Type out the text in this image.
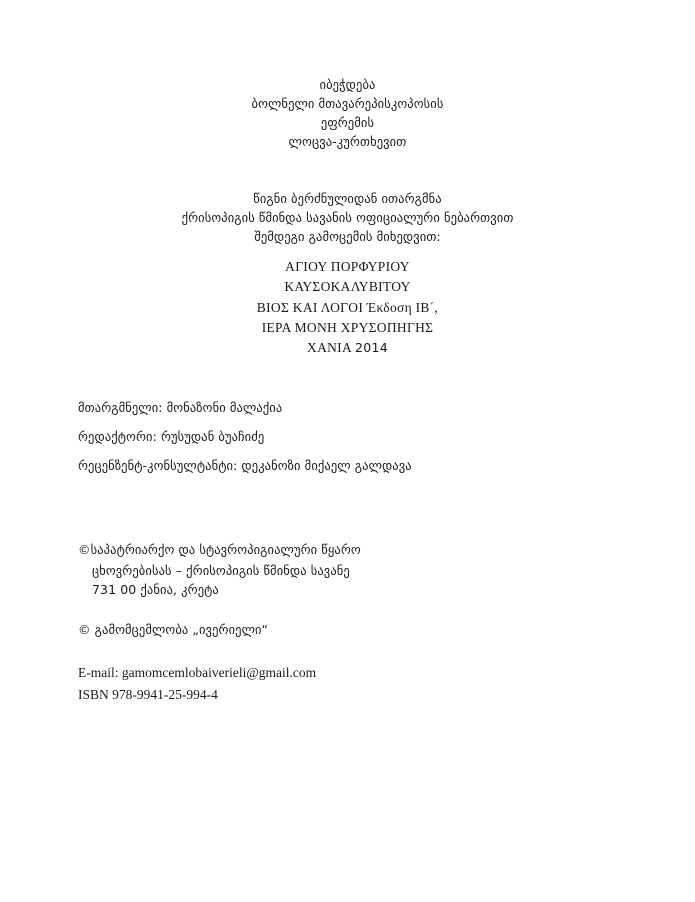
იბეჭდება
ბოლნელი მთავარეპისკოპოსის
ეფრემის
ლოცვა-კურთხევით
წიგნი ბერძნულიდან ითარგმნა
ქრისოპიგის წმინდა სავანის ოფიციალური ნებართვით
შემდეგი გამოცემის მიხედვით:
ΑΓΙΟΥ ΠΟΡΦΥΡΙΟΥ
ΚΑΥΣΟΚΑΛΥΒΙΤΟΥ
ΒΙΟΣ ΚΑΙ ΛΟΓΟΙ Έκδοση ΙΒ΄,
ΙΕΡΑ ΜΟΝΗ ΧΡΥΣΟΠΗΓΗΣ
ΧΑΝΙΑ 2014
მთარგმნელი: მონაზონი მალაქია
რედაქტორი: რუსუდან ბუაჩიძე
რეცენზენტ-კონსულტანტი: დეკანოზი მიქაელ გალდავა
©საპატრიარქო და სტავროპიგიალური წყარო
ცხოვრებისას – ქრისოპიგის წმინდა სავანე
731 00 ქანია, კრეტა
© გამომცემლობა „ივერიელი“
E-mail: gamomcemlobaiverieli@gmail.com
ISBN 978-9941-25-994-4
